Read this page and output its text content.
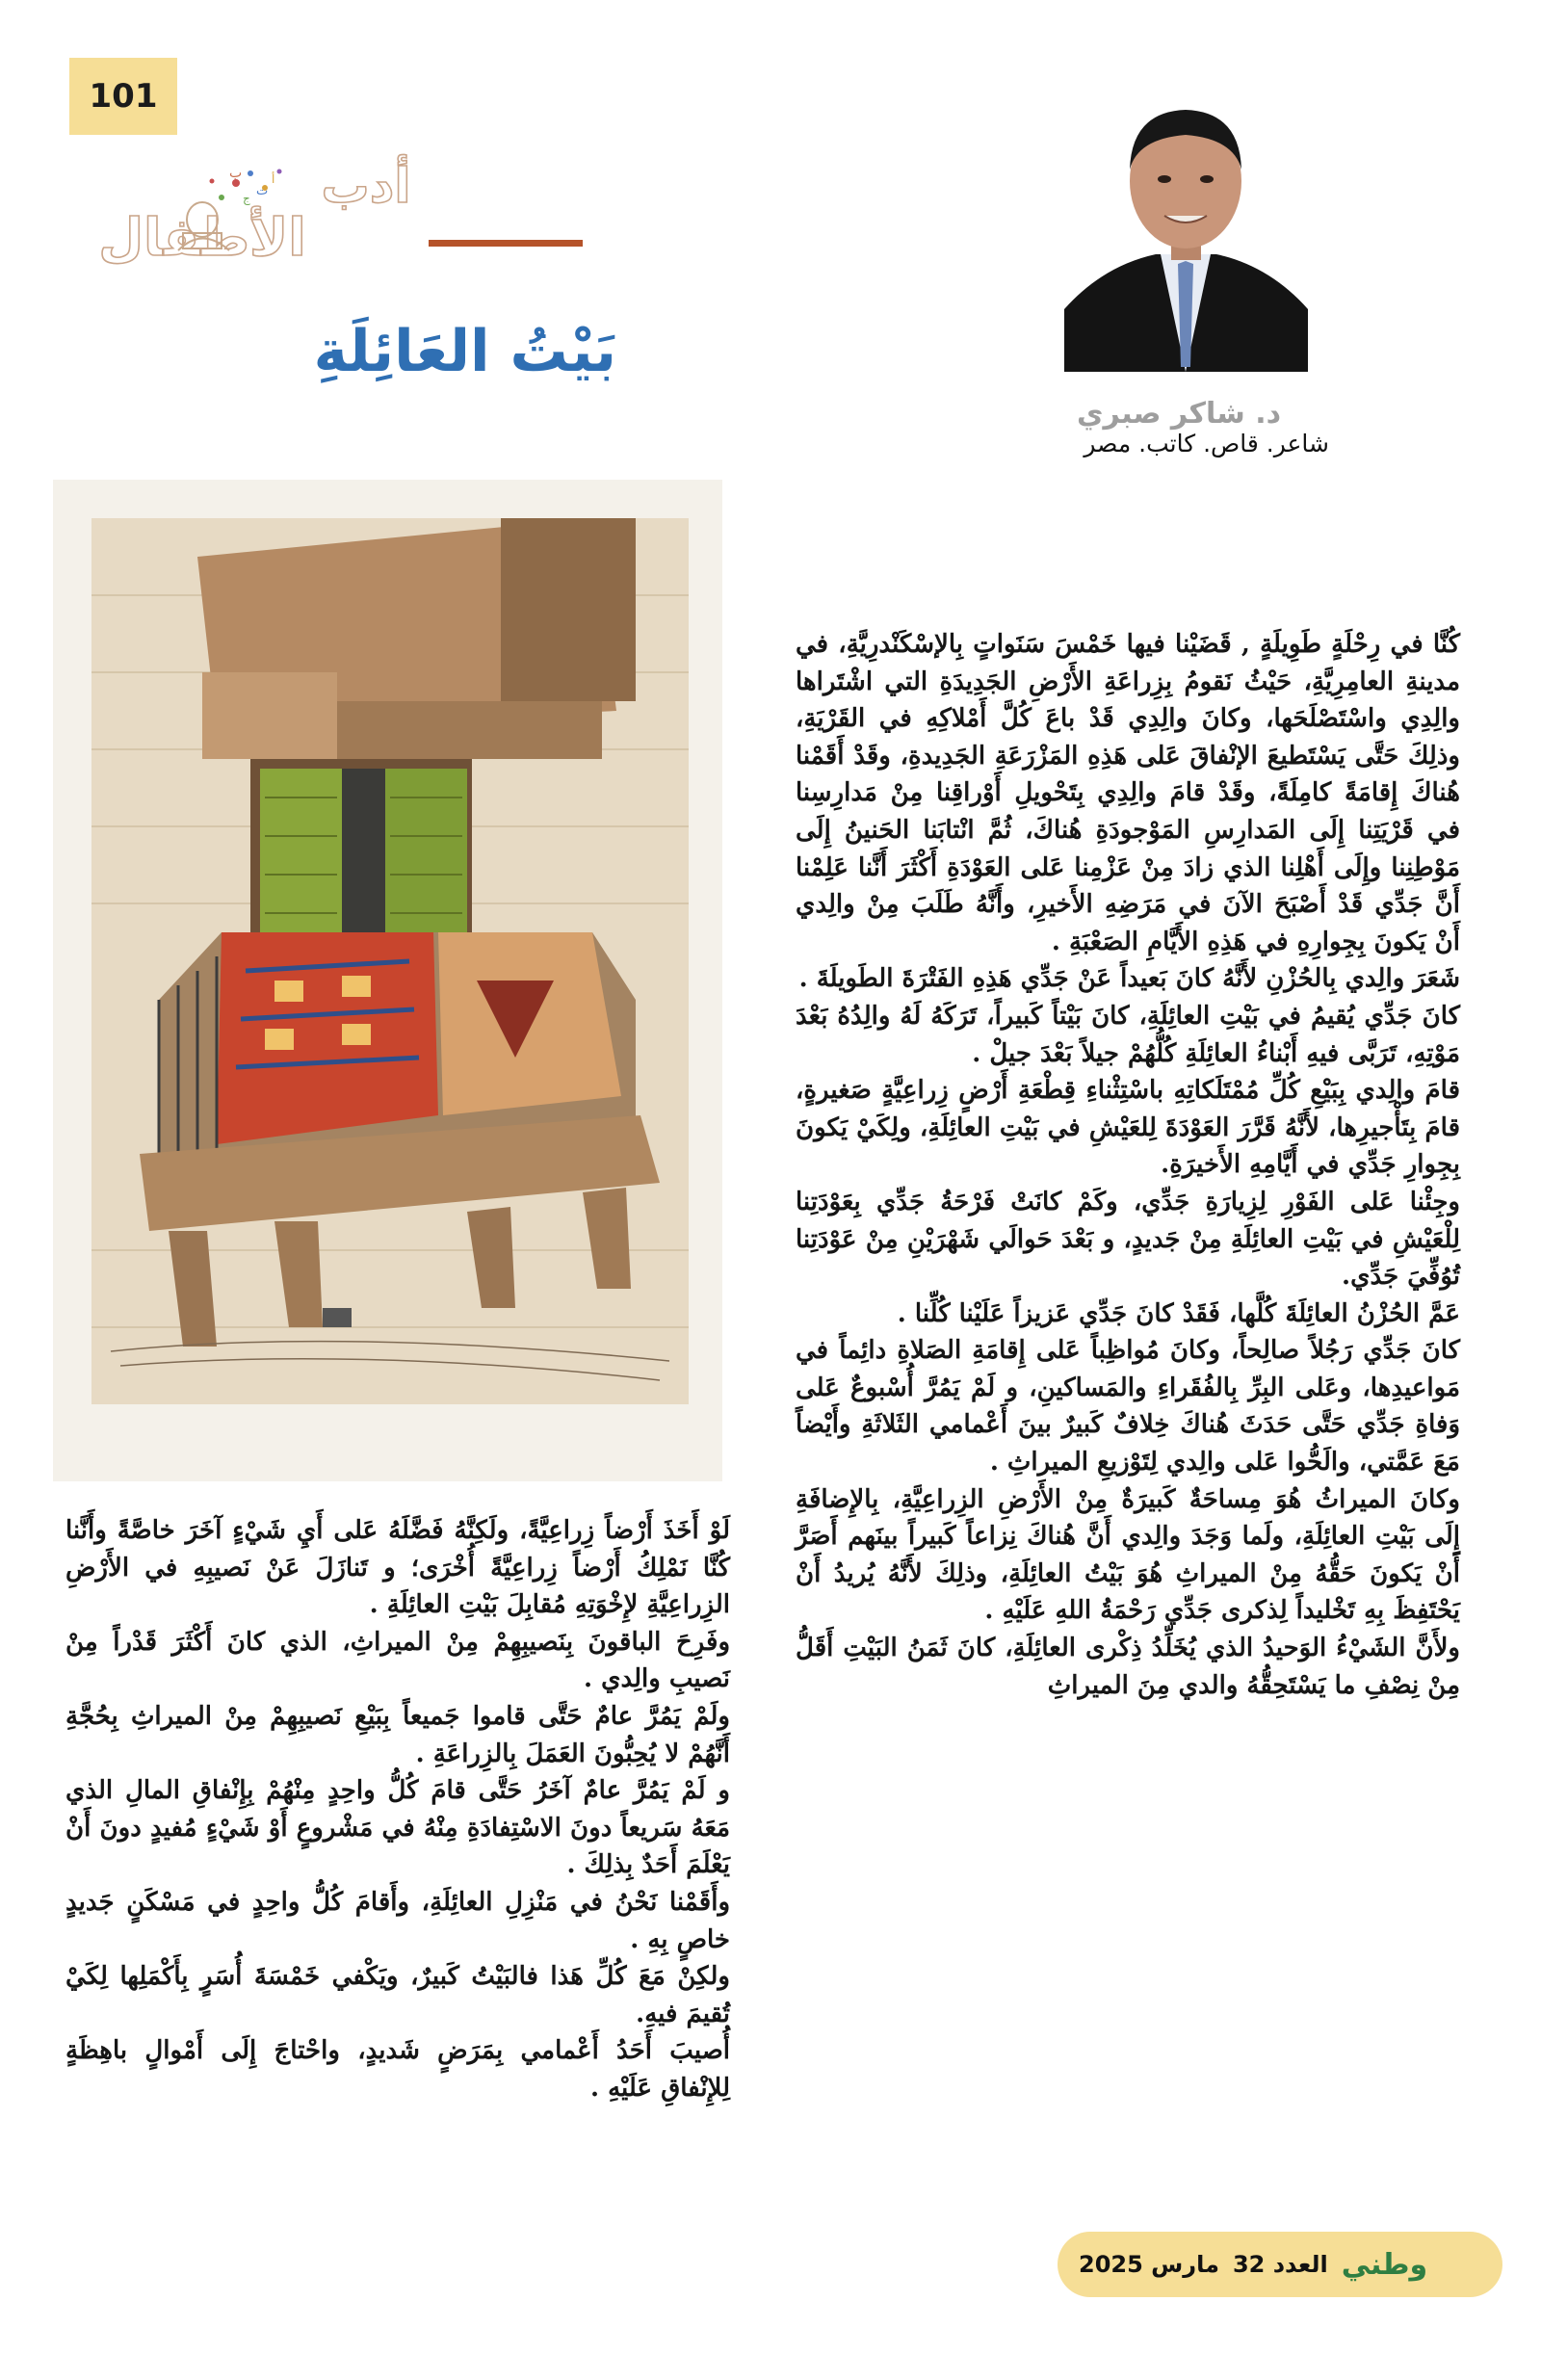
101
ب
ت
ج
أ أدب
الأطفال
بَيْتُ العَائِلَةِ
د. شاكر صبري
شاعر. قاص. كاتب. مصر

كُنَّا في رِحْلَةٍ طَوِيلَةٍ , قَضَيْنا فيها خَمْسَ سَنَواتٍ بِالإسْكَنْدرِيَّةِ، في مدينةِ العامِرِيَّةِ، حَيْثُ نَقومُ بِزِراعَةِ الأَرْضِ الجَدِيدَةِ التي اشْتَراها والِدِي واسْتَصْلَحَها، وكانَ والِدِي قَدْ باعَ كُلَّ أَمْلاكِهِ في القَرْيَةِ، وذلِكَ حَتَّى يَسْتَطيعَ الإنْفاقَ عَلى هَذِهِ المَزْرَعَةِ الجَدِيدةِ، وقَدْ أَقَمْنا هُناكَ إِقامَةً كامِلَةً، وقَدْ قامَ والِدِي بِتَحْويلِ أَوْراقِنا مِنْ مَدارِسِنا في قَرْيَتِنا إِلَى المَدارِسِ المَوْجودَةِ هُناكَ، ثُمَّ انْتابَنا الحَنينُ إِلَى مَوْطِنِنا وإِلَى أَهْلِنا الذي زادَ مِنْ عَزْمِنا عَلى العَوْدَةِ أَكْثَرَ أَنَّنا عَلِمْنا أَنَّ جَدِّي قَدْ أَصْبَحَ الآنَ في مَرَضِهِ الأَخيرِ، وأَنَّهُ طَلَبَ مِنْ والِدي أَنْ يَكونَ بِجِوارِهِ في هَذِهِ الأَيَّامِ الصَعْبَةِ .

شَعَرَ والِدي بِالحُزْنِ لأَنَّهُ كانَ بَعيداً عَنْ جَدِّي هَذِهِ الفَتْرَةَ الطَويلَةَ .

كانَ جَدِّي يُقيمُ في بَيْتِ العائِلَةِ، كانَ بَيْتاً كَبيراً، تَرَكَهُ لَهُ والِدُهُ بَعْدَ مَوْتِهِ، تَرَبَّى فيهِ أَبْناءُ العائِلَةِ كُلُّهُمْ جيلاً بَعْدَ جيلْ .

قامَ والِدي بِبَيْعِ كُلِّ مُمْتَلَكاتِهِ باسْتِثْناءِ قِطْعَةِ أَرْضٍ زِراعِيَّةٍ صَغيرةٍ، قامَ بِتَأْجيرِها، لأَنَّهُ قَرَّرَ العَوْدَةَ لِلعَيْشِ في بَيْتِ العائِلَةِ، ولِكَيْ يَكونَ بِجِوارِ جَدِّي في أَيَّامِهِ الأَخيرَةِ.

وجِئْنا عَلى الفَوْرِ لِزِيارَةِ جَدِّي، وكَمْ كانَتْ فَرْحَةُ جَدِّي بِعَوْدَتِنا لِلْعَيْشِ في بَيْتِ العائِلَةِ مِنْ جَديدٍ، و بَعْدَ حَوالَي شَهْرَيْنِ مِنْ عَوْدَتِنا تُوُفِّيَ جَدِّي.

عَمَّ الحُزْنُ العائِلَةَ كُلَّها، فَقَدْ كانَ جَدِّي عَزيزاً عَلَيْنا كُلِّنا .

كانَ جَدِّي رَجُلاً صالِحاً، وكانَ مُواظِباً عَلى إِقامَةِ الصَلاةِ دائِماً في مَواعيدِها، وعَلى البِرِّ بِالفُقَراءِ والمَساكينِ، و لَمْ يَمُرَّ أُسْبوعٌ عَلى وَفاةِ جَدِّي حَتَّى حَدَثَ هُناكَ خِلافٌ كَبيرٌ بينَ أَعْمامي الثَلاثَةِ وأَيْضاً مَعَ عَمَّتي، والَحُّوا عَلى والِدي لِتَوْزيعِ الميراثِ .

وكانَ الميراثُ هُوَ مِساحَةٌ كَبيرَةٌ مِنْ الأَرْضِ الزِراعِيَّةِ، بِالإِضافَةِ إِلَى بَيْتِ العائِلَةِ، ولَما وَجَدَ والِدي أَنَّ هُناكَ نِزاعاً كَبيراً بينَهم أَصَرَّ أَنْ يَكونَ حَقُّهُ مِنْ الميراثِ هُوَ بَيْتُ العائِلَةِ، وذلِكَ لأَنَّهُ يُريدُ أَنْ يَحْتَفِظَ بِهِ تَخْليداً لِذكرى جَدِّي رَحْمَةُ اللهِ عَلَيْهِ .

ولأَنَّ الشَيْءُ الوَحيدُ الذي يُخَلِّدُ ذِكْرى العائِلَةِ، كانَ ثَمَنُ البَيْتِ أَقَلُّ مِنْ نِصْفِ ما يَسْتَحِقُّهُ والدي مِنَ الميراثِ

لَوْ أَخَذَ أَرْضاً زِراعِيَّةً، ولَكِنَّهُ فَضَّلَهُ عَلى أَيِ شَيْءٍ آخَرَ خاصَّةً وأَنَّنا كُنَّا نَمْلِكُ أَرْضاً زِراعِيَّةً أُخْرَى؛ و تَنازَلَ عَنْ نَصيبِهِ في الأَرْضِ الزِراعِيَّةِ لإِخْوَتِهِ مُقابِلَ بَيْتِ العائِلَةِ .

وفَرِحَ الباقونَ بِنَصيبِهِمْ مِنْ الميراثِ، الذي كانَ أَكْثَرَ قَدْراً مِنْ نَصيبِ والِدي .

ولَمْ يَمُرَّ عامٌ حَتَّى قاموا جَميعاً بِبَيْعِ نَصيبِهِمْ مِنْ الميراثِ بِحُجَّةِ أَنَّهُمْ لا يُحِبُّونَ العَمَلَ بِالزِراعَةِ .

و لَمْ يَمُرَّ عامٌ آخَرُ حَتَّى قامَ كُلُّ واحِدٍ مِنْهُمْ بِإِنْفاقِ المالِ الذي مَعَهُ سَريعاً دونَ الاسْتِفادَةِ مِنْهُ في مَشْروعٍ أَوْ شَيْءٍ مُفيدٍ دونَ أَنْ يَعْلَمَ أَحَدٌ بِذلِكَ .

وأَقَمْنا نَحْنُ في مَنْزِلِ العائِلَةِ، وأَقامَ كُلُّ واحِدٍ في مَسْكَنٍ جَديدٍ خاصٍ بِهِ .

ولكِنْ مَعَ كُلِّ هَذا فالبَيْتُ كَبيرٌ، ويَكْفي خَمْسَةَ أُسَرٍ بِأَكْمَلِها لِكَيْ تُقيمَ فيهِ.

أُصيبَ أَحَدُ أَعْمامي بِمَرَضٍ شَديدٍ، واحْتاجَ إِلَى أَمْوالٍ باهِظَةٍ لِلإِنْفاقِ عَلَيْهِ .

وطني
العدد 32
مارس 2025
